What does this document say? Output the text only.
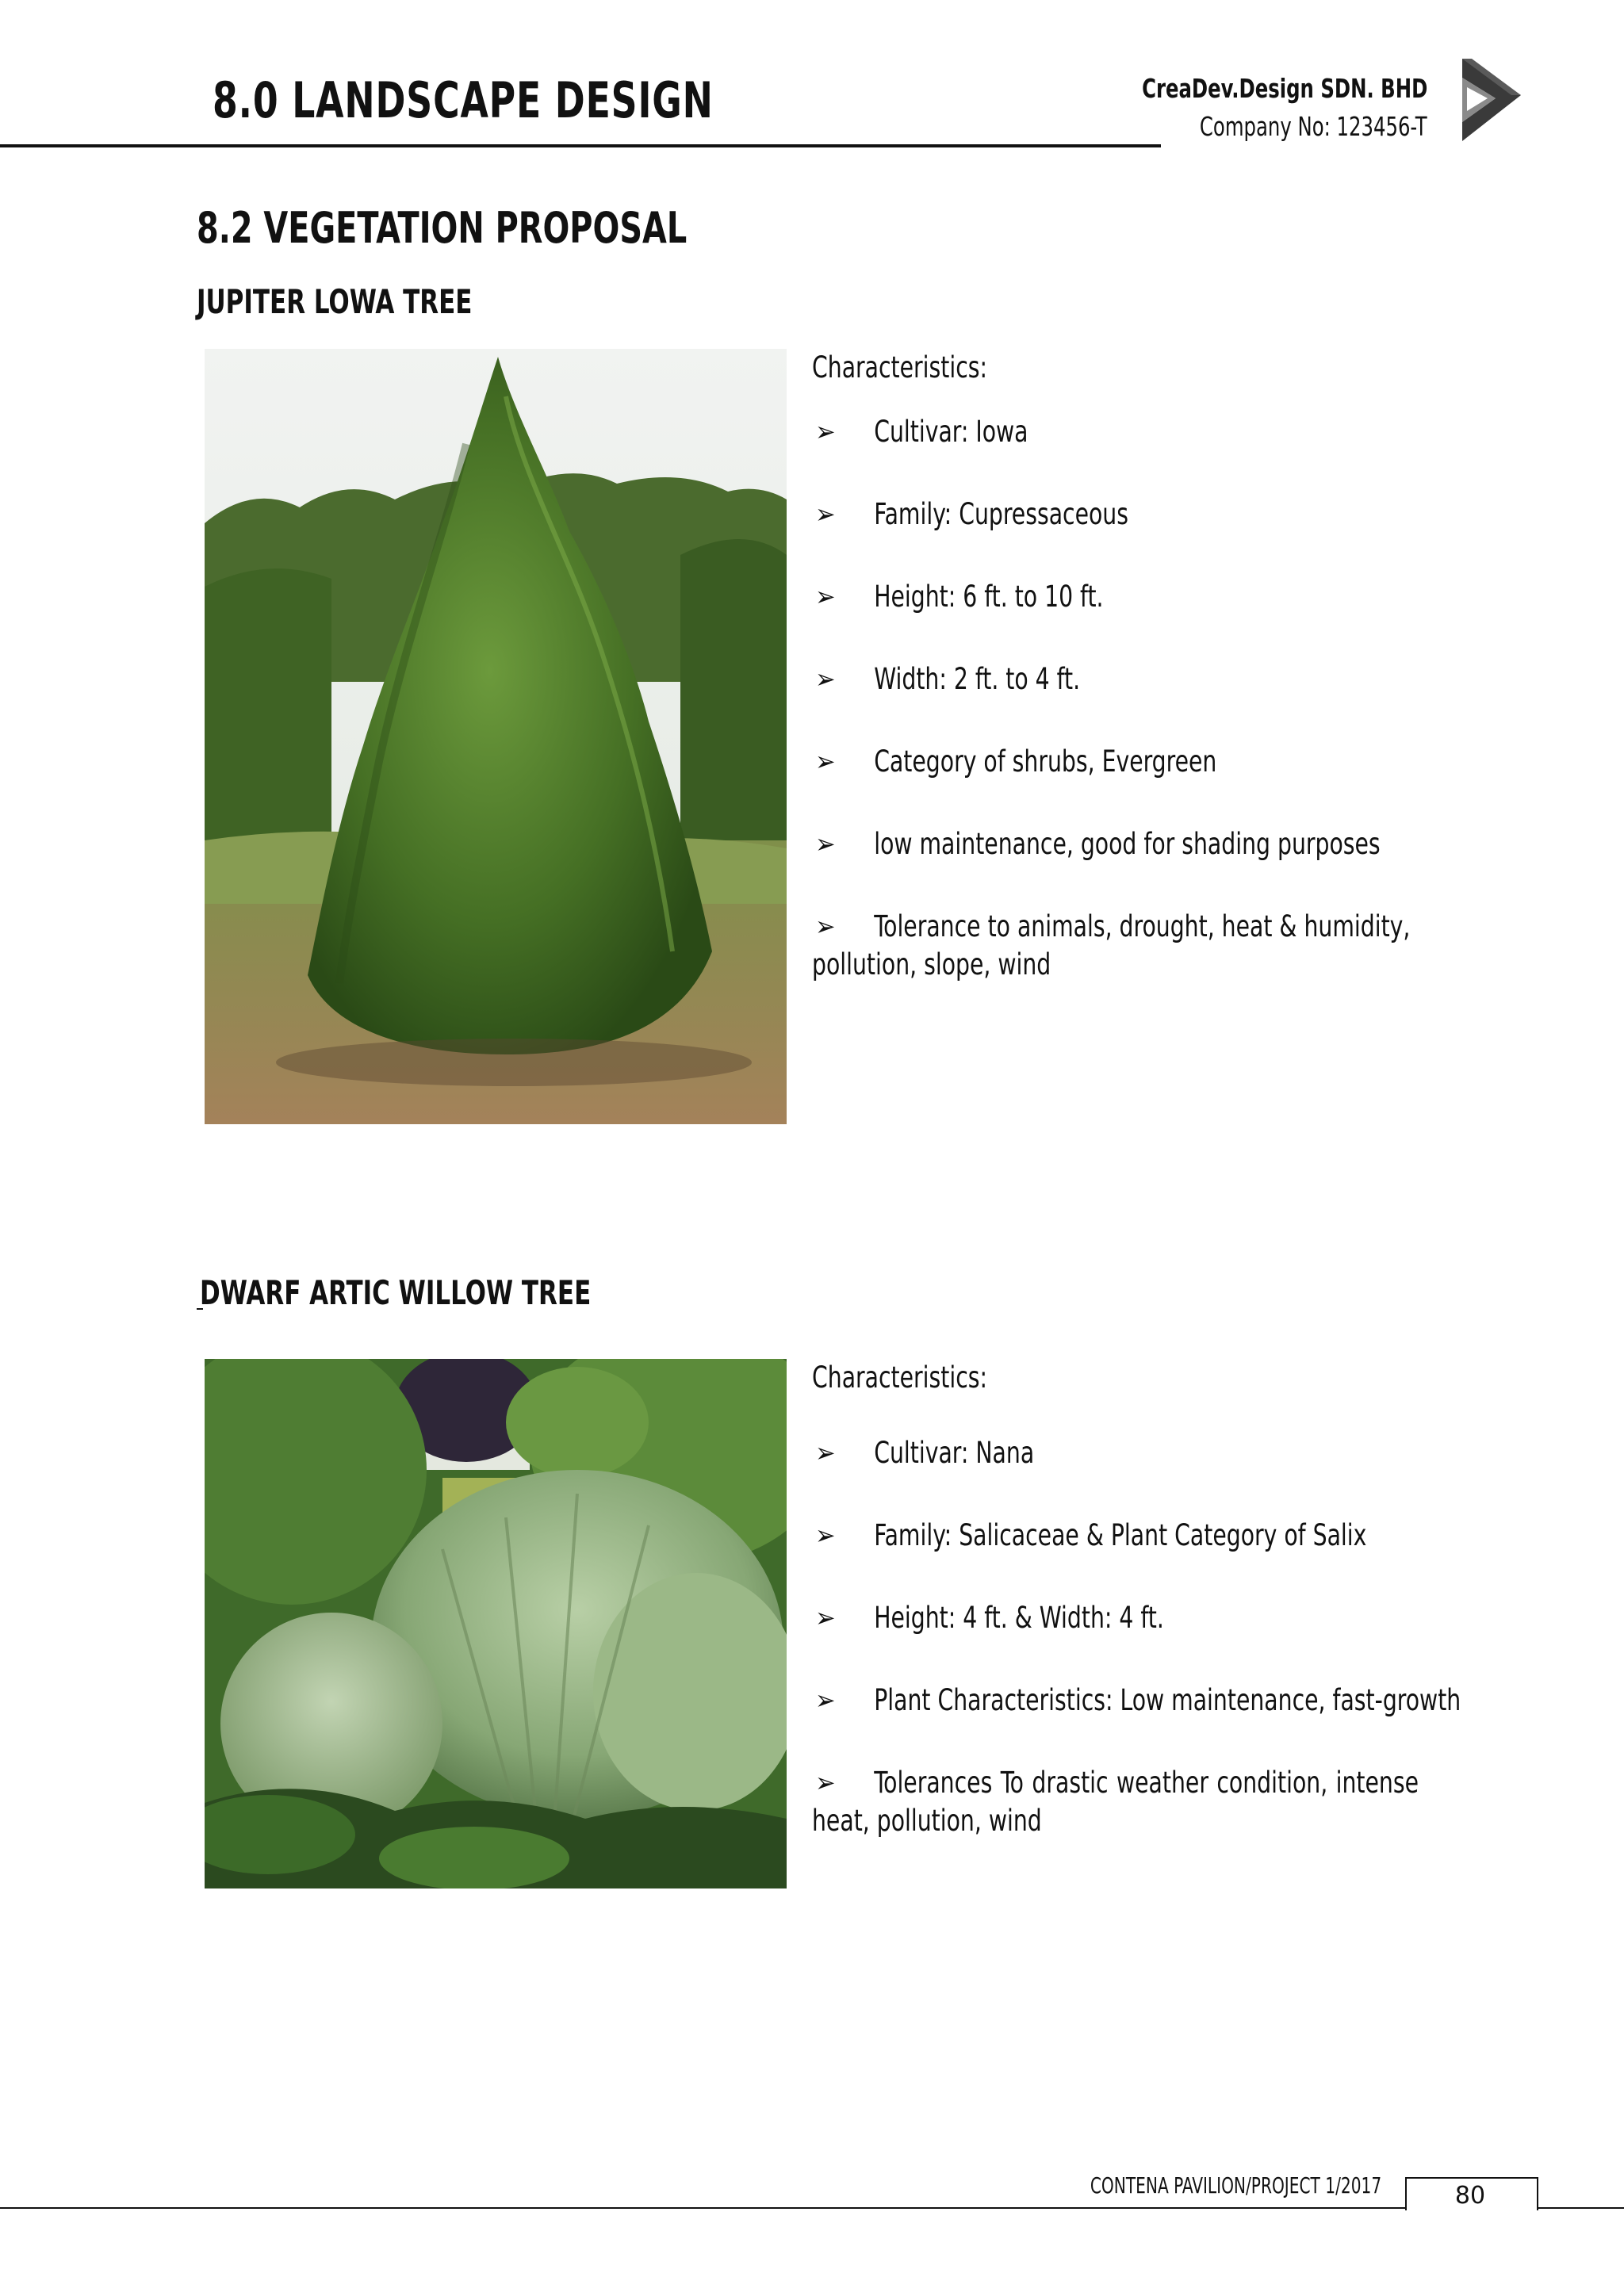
8.0 LANDSCAPE DESIGN	CreaDev.Design SDN. BHD
Company No: 123456-T
8.2 VEGETATION PROPOSAL
JUPITER LOWA TREE
Characteristics:
➢	Cultivar: Iowa
➢	Family: Cupressaceous
➢	Height: 6 ft. to 10 ft.
➢	Width: 2 ft. to 4 ft.
➢	Category of shrubs, Evergreen
➢	low maintenance, good for shading purposes
➢	Tolerance to animals, drought, heat & humidity, pollution, slope, wind
DWARF ARTIC WILLOW TREE
Characteristics:
➢	Cultivar: Nana
➢	Family: Salicaceae & Plant Category of Salix
➢	Height: 4 ft. & Width: 4 ft.
➢	Plant Characteristics: Low maintenance, fast-growth
➢	Tolerances To drastic weather condition, intense heat, pollution, wind
CONTENA PAVILION/PROJECT 1/2017	80
